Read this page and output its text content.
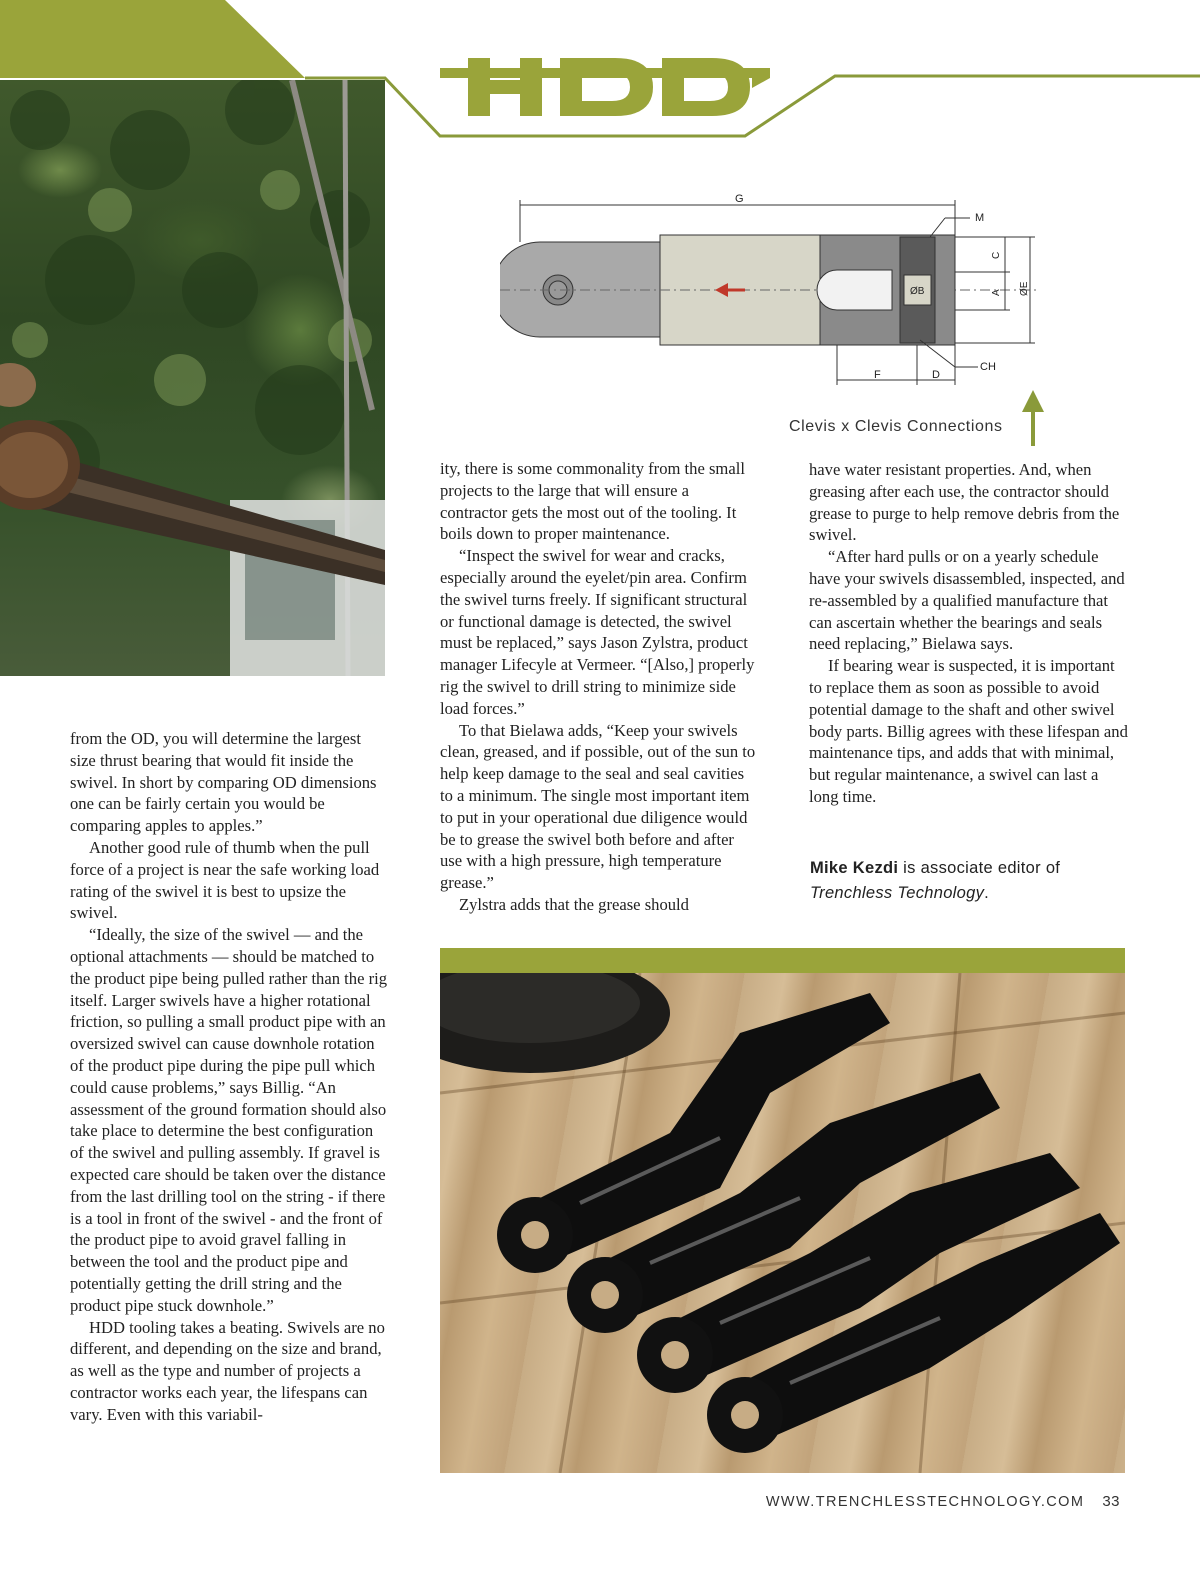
G
ØB
M
C
A ØE
CH
F	D
Clevis x Clevis Connections

ity, there is some commonality from the small projects to the large that will ensure a contractor gets the most out of the tooling. It boils down to proper maintenance.

“Inspect the swivel for wear and cracks, especially around the eyelet/pin area. Confirm the swivel turns freely. If significant structural or functional damage is detected, the swivel must be replaced,” says Jason Zylstra, product manager Lifecyle at Vermeer. “[Also,] properly rig the swivel to drill string to minimize side load forces.”

To that Bielawa adds, “Keep your swivels clean, greased, and if possible, out of the sun to help keep damage to the seal and seal cavities to a minimum. The single most important item to put in your operational due diligence would be to grease the swivel both before and after use with a high pressure, high temperature grease.”

Zylstra adds that the grease should

have water resistant properties. And, when greasing after each use, the contractor should grease to purge to help remove debris from the swivel.

“After hard pulls or on a yearly schedule have your swivels disassembled, inspected, and re-assembled by a qualified manufacture that can ascertain whether the bearings and seals need replacing,” Bielawa says.

If bearing wear is suspected, it is important to replace them as soon as possible to avoid potential damage to the shaft and other swivel body parts. Billig agrees with these lifespan and maintenance tips, and adds that with minimal, but regular maintenance, a swivel can last a long time.

Mike Kezdi is associate editor of Trenchless Technology.

from the OD, you will determine the largest size thrust bearing that would fit inside the swivel. In short by comparing OD dimensions one can be fairly certain you would be comparing apples to apples.”

Another good rule of thumb when the pull force of a project is near the safe working load rating of the swivel it is best to upsize the swivel.

“Ideally, the size of the swivel — and the optional attachments — should be matched to the product pipe being pulled rather than the rig itself. Larger swivels have a higher rotational friction, so pulling a small product pipe with an oversized swivel can cause downhole rotation of the product pipe during the pipe pull which could cause problems,” says Billig. “An assessment of the ground formation should also take place to determine the best configuration of the swivel and pulling assembly. If gravel is expected care should be taken over the distance from the last drilling tool on the string - if there is a tool in front of the swivel - and the front of the product pipe to avoid gravel falling in between the tool and the product pipe and potentially getting the drill string and the product pipe stuck downhole.”

HDD tooling takes a beating. Swivels are no different, and depending on the size and brand, as well as the type and number of projects a contractor works each year, the lifespans can vary. Even with this variabil-

WWW.TRENCHLESSTECHNOLOGY.COM 33
